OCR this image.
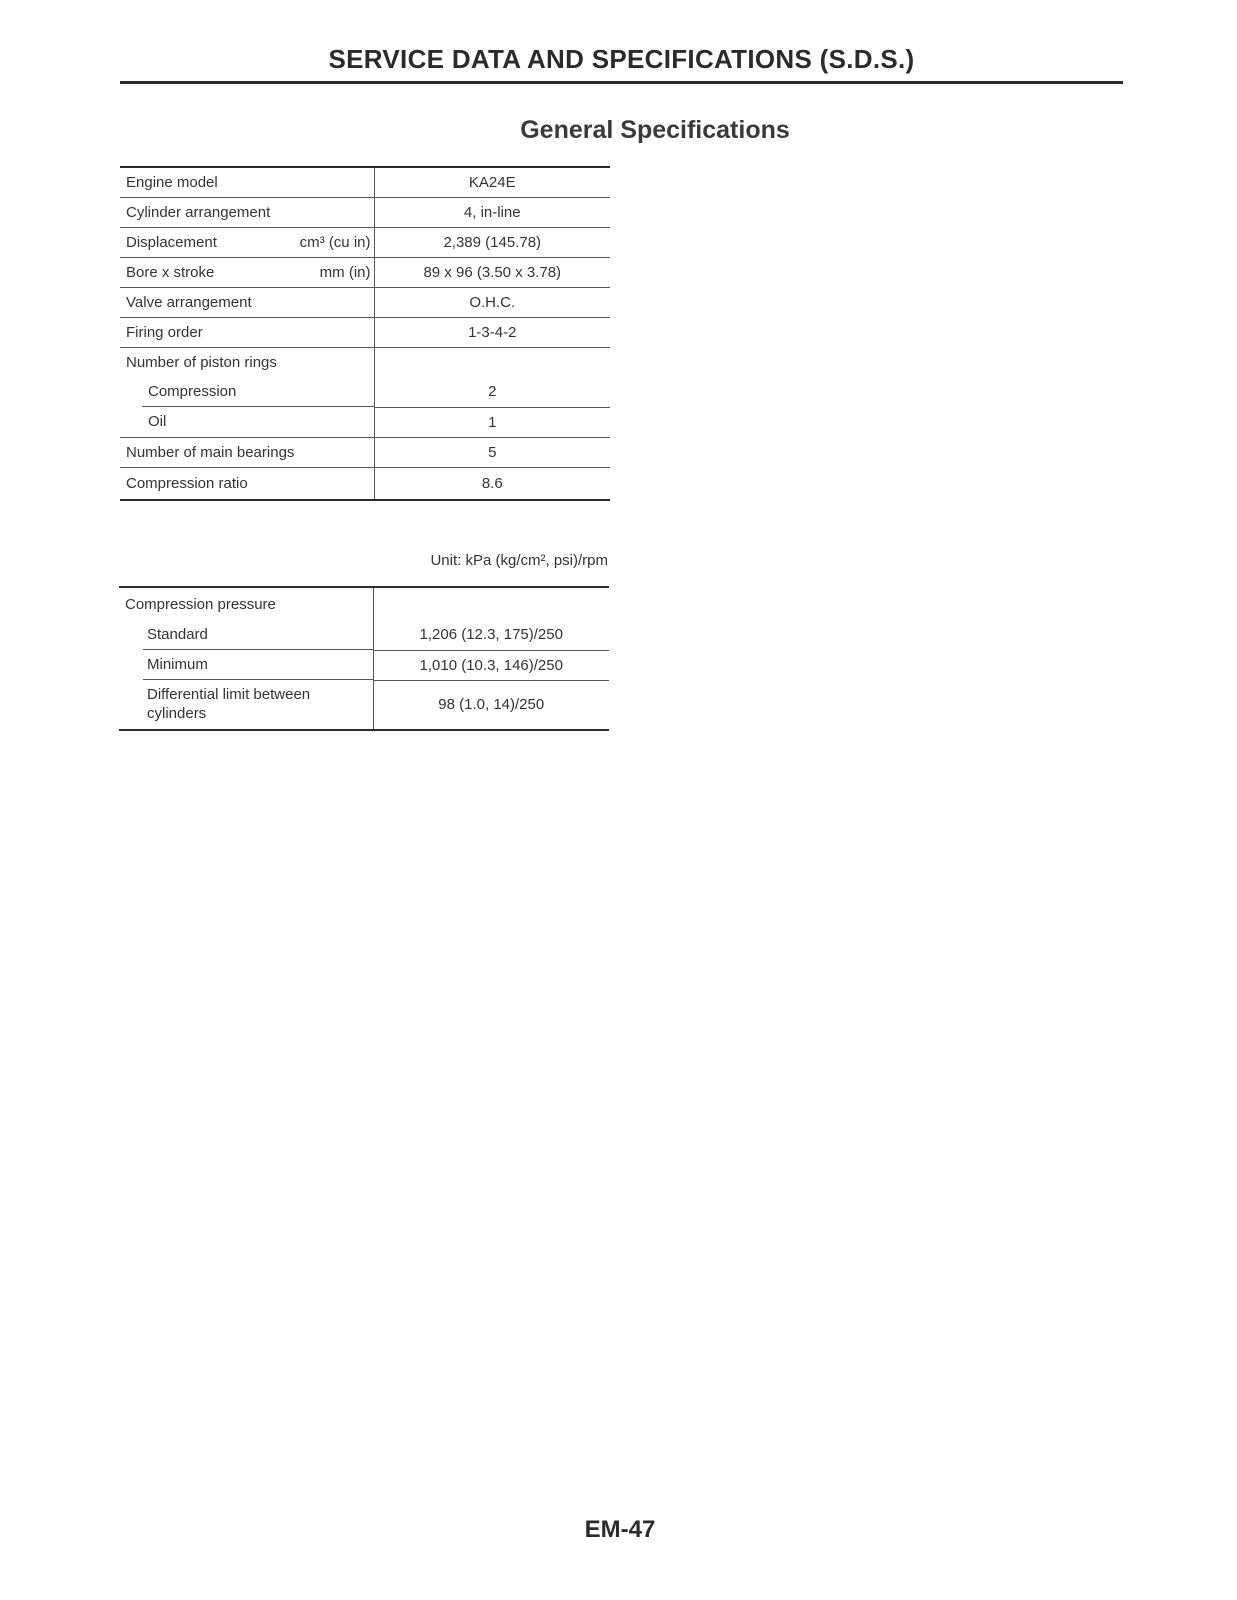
SERVICE DATA AND SPECIFICATIONS (S.D.S.)
General Specifications
Engine model	KA24E
Cylinder arrangement	4, in-line

Displacement cm³ (cu in)	2,389 (145.78)

Bore x stroke mm (in)	89 x 96 (3.50 x 3.78)
Valve arrangement	O.H.C.
Firing order	1-3-4-2
Number of piston rings	

Compression	2

Oil	1
Number of main bearings	5
Compression ratio	8.6
Unit: kPa (kg/cm², psi)/rpm
Compression pressure	

Standard	1,206 (12.3, 175)/250

Minimum	1,010 (10.3, 146)/250

Differential limit between cylinders	98 (1.0, 14)/250
EM-47
